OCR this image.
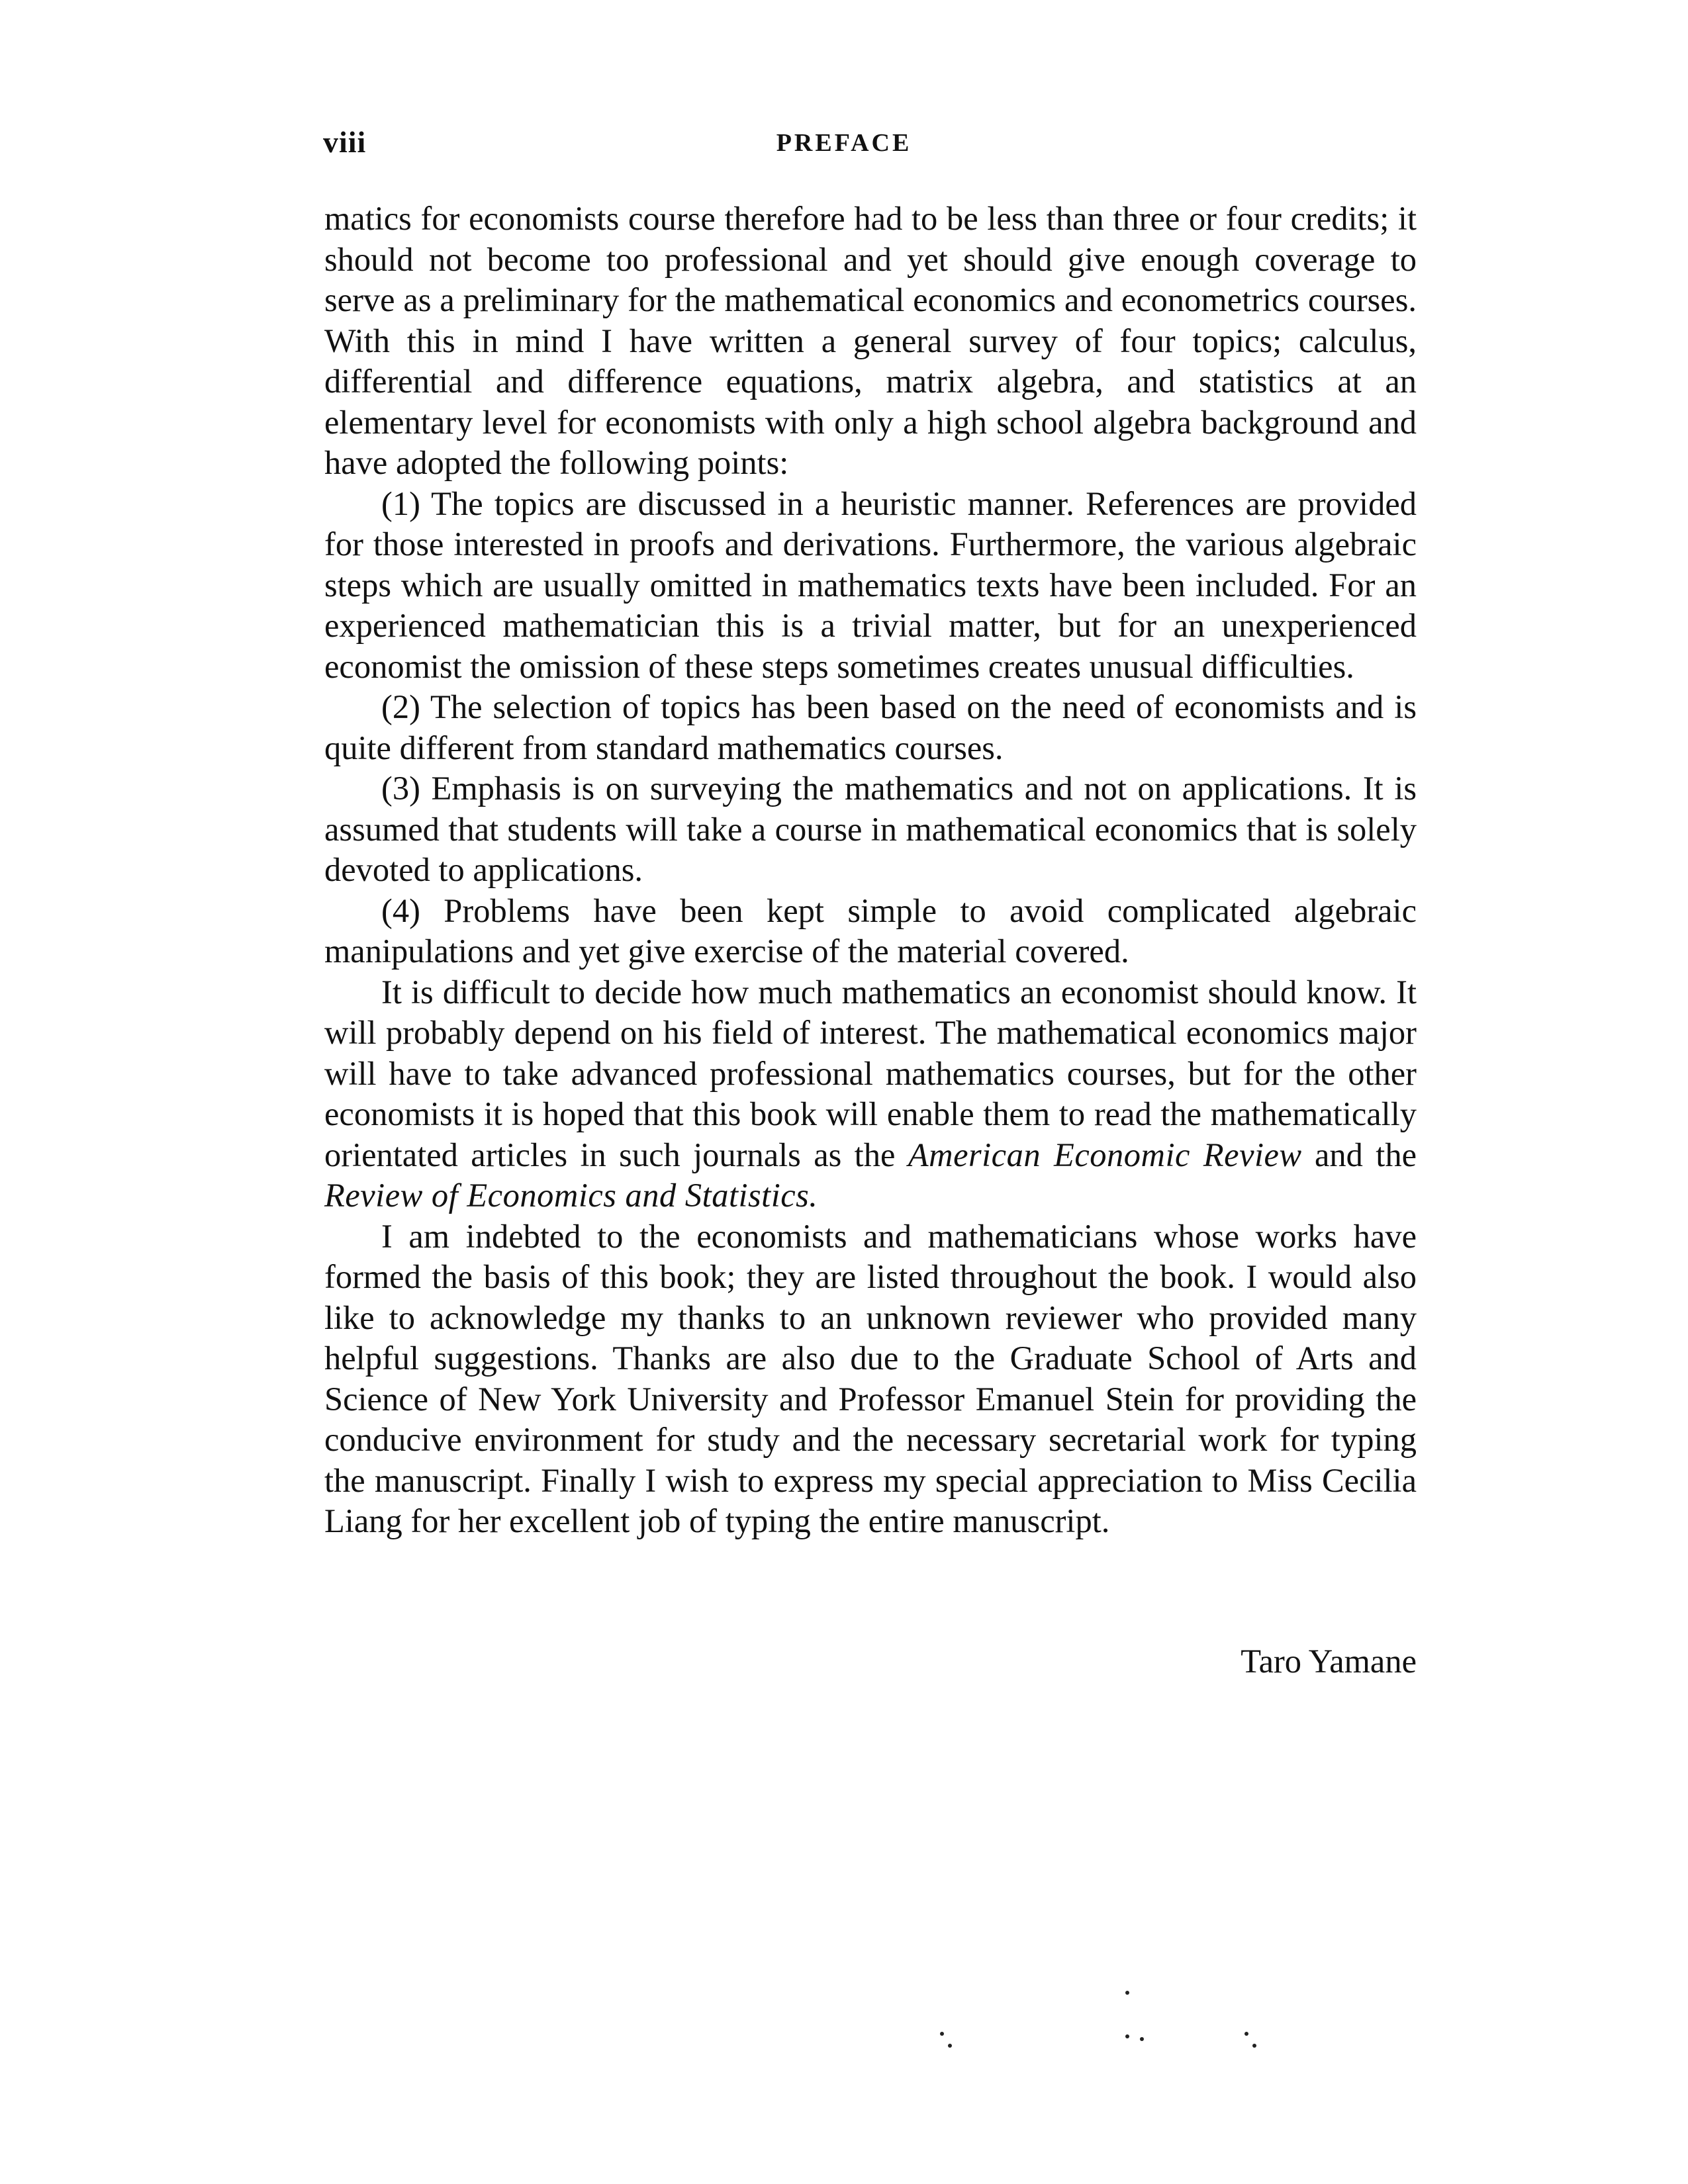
viii	PREFACE

matics for economists course therefore had to be less than three or four credits; it should not become too professional and yet should give enough coverage to serve as a preliminary for the mathematical economics and econometrics courses. With this in mind I have written a general survey of four topics; calculus, differential and difference equations, matrix algebra, and statistics at an elementary level for economists with only a high school algebra background and have adopted the following points:

(1) The topics are discussed in a heuristic manner. References are provided for those interested in proofs and derivations. Furthermore, the various algebraic steps which are usually omitted in mathematics texts have been included. For an experienced mathematician this is a trivial matter, but for an unexperienced economist the omission of these steps sometimes creates unusual difficulties.

(2) The selection of topics has been based on the need of economists and is quite different from standard mathematics courses.

(3) Emphasis is on surveying the mathematics and not on applications. It is assumed that students will take a course in mathematical economics that is solely devoted to applications.

(4) Problems have been kept simple to avoid complicated algebraic manipulations and yet give exercise of the material covered.

It is difficult to decide how much mathematics an economist should know. It will probably depend on his field of interest. The mathematical economics major will have to take advanced professional mathematics courses, but for the other economists it is hoped that this book will enable them to read the mathematically orientated articles in such journals as the American Economic Review and the Review of Economics and Statistics.

I am indebted to the economists and mathematicians whose works have formed the basis of this book; they are listed throughout the book. I would also like to acknowledge my thanks to an unknown reviewer who provided many helpful suggestions. Thanks are also due to the Graduate School of Arts and Science of New York University and Professor Emanuel Stein for providing the conducive environment for study and the necessary secretarial work for typing the manuscript. Finally I wish to express my special appreciation to Miss Cecilia Liang for her excellent job of typing the entire manuscript.

Taro Yamane
